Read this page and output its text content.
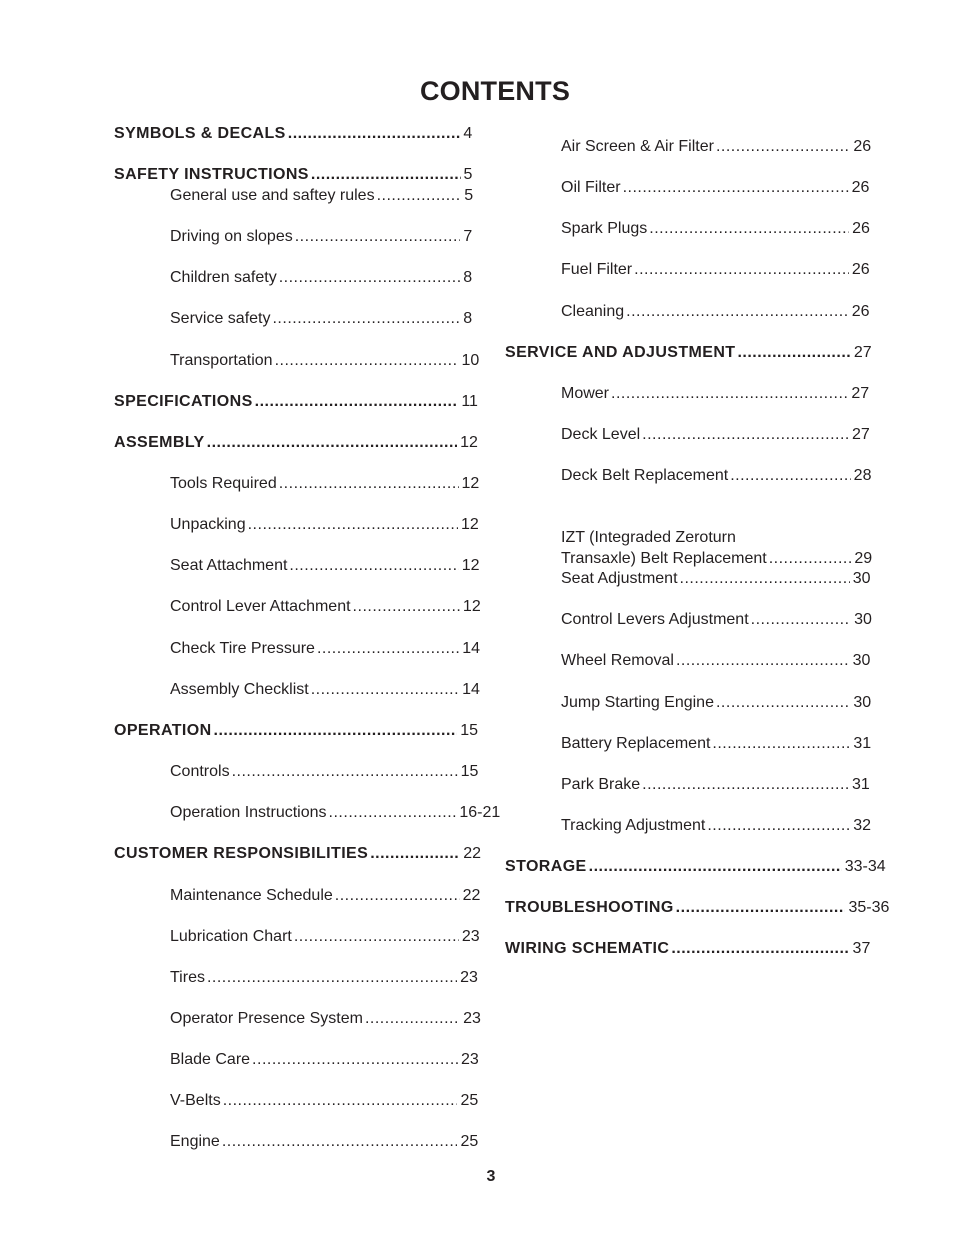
CONTENTS
SYMBOLS & DECALS .....	4
SAFETY INSTRUCTIONS .....	5
General use and saftey rules .....	5
Driving on slopes .....	7
Children safety .....	8
Service safety .....	8
Transportation .....	10
SPECIFICATIONS .....	11
ASSEMBLY .....	12
Tools Required .....	12
Unpacking .....	12
Seat Attachment .....	12
Control Lever Attachment .....	12
Check Tire Pressure .....	14
Assembly Checklist .....	14
OPERATION .....	15
Controls .....	15
Operation Instructions .....	16-21
CUSTOMER RESPONSIBILITIES .....	22
Maintenance Schedule .....	22
Lubrication Chart .....	23
Tires .....	23
Operator Presence System .....	23
Blade Care .....	23
V-Belts .....	25
Engine .....	25
Air Screen & Air Filter .....	26
Oil Filter .....	26
Spark Plugs .....	26
Fuel Filter .....	26
Cleaning .....	26
SERVICE AND ADJUSTMENT .....	27
Mower .....	27
Deck Level .....	27
Deck Belt Replacement .....	28
IZT (Integraded Zeroturn
Transaxle) Belt Replacement .....	29
Seat Adjustment .....	30
Control Levers Adjustment .....	30
Wheel Removal .....	30
Jump Starting Engine .....	30
Battery Replacement .....	31
Park Brake .....	31
Tracking Adjustment .....	32
STORAGE .....	33-34
TROUBLESHOOTING .....	35-36
WIRING SCHEMATIC .....	37
3
